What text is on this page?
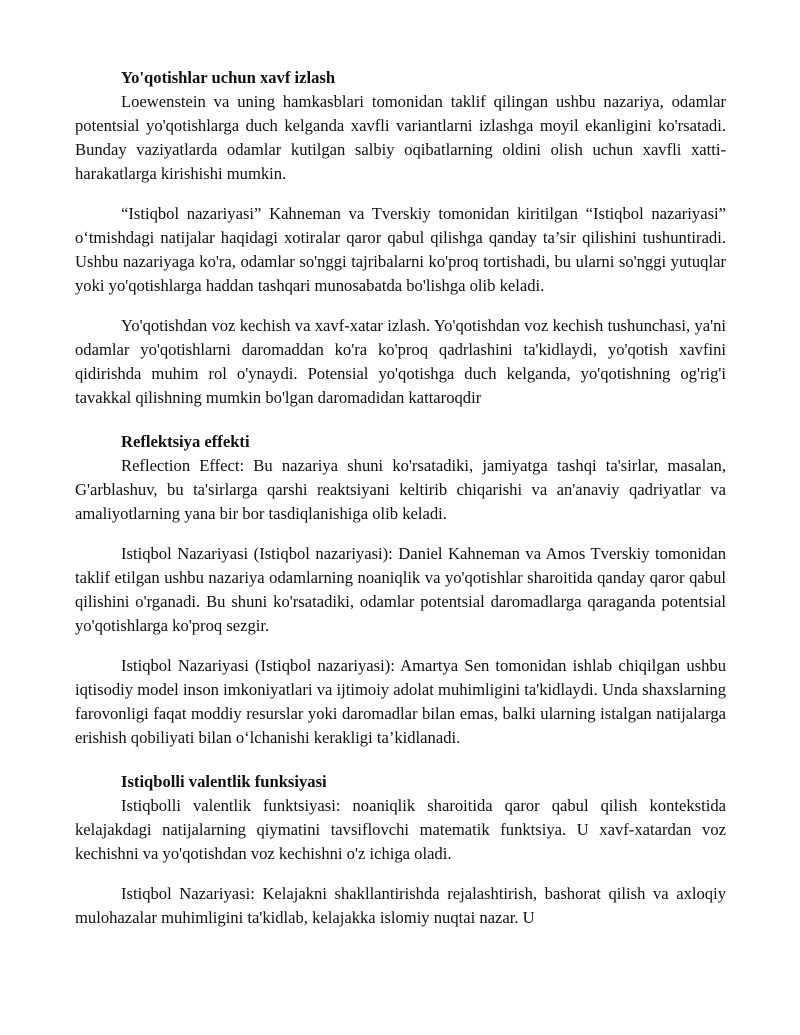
Yo'qotishlar uchun xavf izlash

Loewenstein va uning hamkasblari tomonidan taklif qilingan ushbu nazariya, odamlar potentsial yo'qotishlarga duch kelganda xavfli variantlarni izlashga moyil ekanligini ko'rsatadi. Bunday vaziyatlarda odamlar kutilgan salbiy oqibatlarning oldini olish uchun xavfli xatti-harakatlarga kirishishi mumkin.

“Istiqbol nazariyasi” Kahneman va Tverskiy tomonidan kiritilgan “Istiqbol nazariyasi” o‘tmishdagi natijalar haqidagi xotiralar qaror qabul qilishga qanday ta’sir qilishini tushuntiradi. Ushbu nazariyaga ko'ra, odamlar so'nggi tajribalarni ko'proq tortishadi, bu ularni so'nggi yutuqlar yoki yo'qotishlarga haddan tashqari munosabatda bo'lishga olib keladi.

Yo'qotishdan voz kechish va xavf-xatar izlash. Yo'qotishdan voz kechish tushunchasi, ya'ni odamlar yo'qotishlarni daromaddan ko'ra ko'proq qadrlashini ta'kidlaydi, yo'qotish xavfini qidirishda muhim rol o'ynaydi. Potensial yo'qotishga duch kelganda, yo'qotishning og'rig'i tavakkal qilishning mumkin bo'lgan daromadidan kattaroqdir

Reflektsiya effekti

Reflection Effect: Bu nazariya shuni ko'rsatadiki, jamiyatga tashqi ta'sirlar, masalan, G'arblashuv, bu ta'sirlarga qarshi reaktsiyani keltirib chiqarishi va an'anaviy qadriyatlar va amaliyotlarning yana bir bor tasdiqlanishiga olib keladi.

Istiqbol Nazariyasi (Istiqbol nazariyasi): Daniel Kahneman va Amos Tverskiy tomonidan taklif etilgan ushbu nazariya odamlarning noaniqlik va yo'qotishlar sharoitida qanday qaror qabul qilishini o'rganadi. Bu shuni ko'rsatadiki, odamlar potentsial daromadlarga qaraganda potentsial yo'qotishlarga ko'proq sezgir.

Istiqbol Nazariyasi (Istiqbol nazariyasi): Amartya Sen tomonidan ishlab chiqilgan ushbu iqtisodiy model inson imkoniyatlari va ijtimoiy adolat muhimligini ta'kidlaydi. Unda shaxslarning farovonligi faqat moddiy resurslar yoki daromadlar bilan emas, balki ularning istalgan natijalarga erishish qobiliyati bilan o‘lchanishi kerakligi ta’kidlanadi.

Istiqbolli valentlik funksiyasi

Istiqbolli valentlik funktsiyasi: noaniqlik sharoitida qaror qabul qilish kontekstida kelajakdagi natijalarning qiymatini tavsiflovchi matematik funktsiya. U xavf-xatardan voz kechishni va yo'qotishdan voz kechishni o'z ichiga oladi.

Istiqbol Nazariyasi: Kelajakni shakllantirishda rejalashtirish, bashorat qilish va axloqiy mulohazalar muhimligini ta'kidlab, kelajakka islomiy nuqtai nazar. U
